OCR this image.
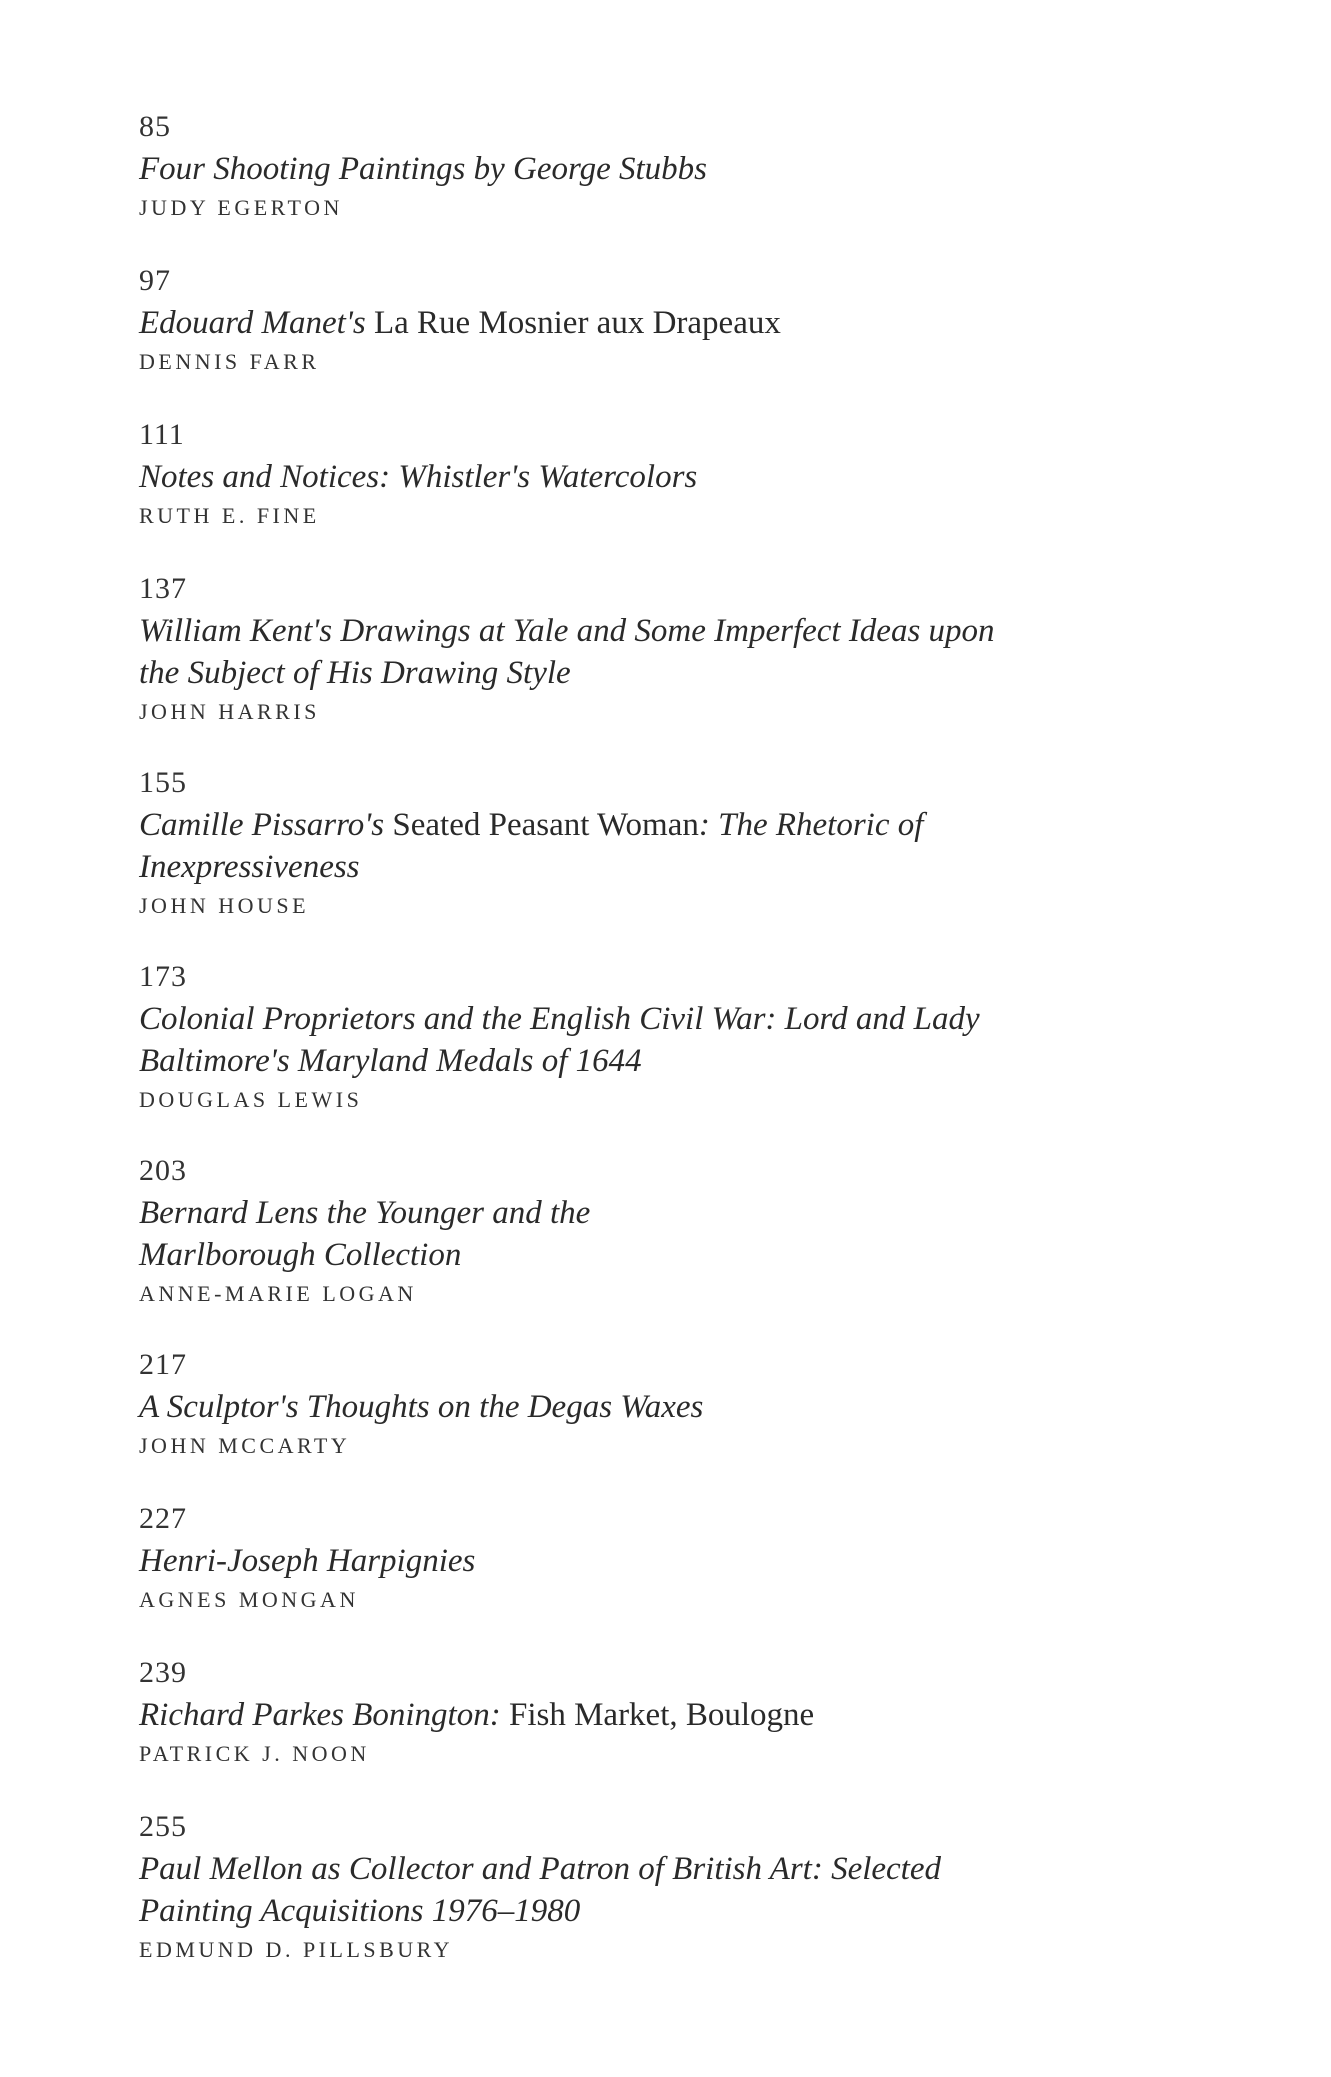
85
Four Shooting Paintings by George Stubbs
JUDY EGERTON
97
Edouard Manet's La Rue Mosnier aux Drapeaux
DENNIS FARR
111
Notes and Notices: Whistler's Watercolors
RUTH E. FINE
137
William Kent's Drawings at Yale and Some Imperfect Ideas upon the Subject of His Drawing Style
JOHN HARRIS
155
Camille Pissarro's Seated Peasant Woman: The Rhetoric of Inexpressiveness
JOHN HOUSE
173
Colonial Proprietors and the English Civil War: Lord and Lady Baltimore's Maryland Medals of 1644
DOUGLAS LEWIS
203
Bernard Lens the Younger and the Marlborough Collection
ANNE-MARIE LOGAN
217
A Sculptor's Thoughts on the Degas Waxes
JOHN MCCARTY
227
Henri-Joseph Harpignies
AGNES MONGAN
239
Richard Parkes Bonington: Fish Market, Boulogne
PATRICK J. NOON
255
Paul Mellon as Collector and Patron of British Art: Selected Painting Acquisitions 1976–1980
EDMUND D. PILLSBURY
